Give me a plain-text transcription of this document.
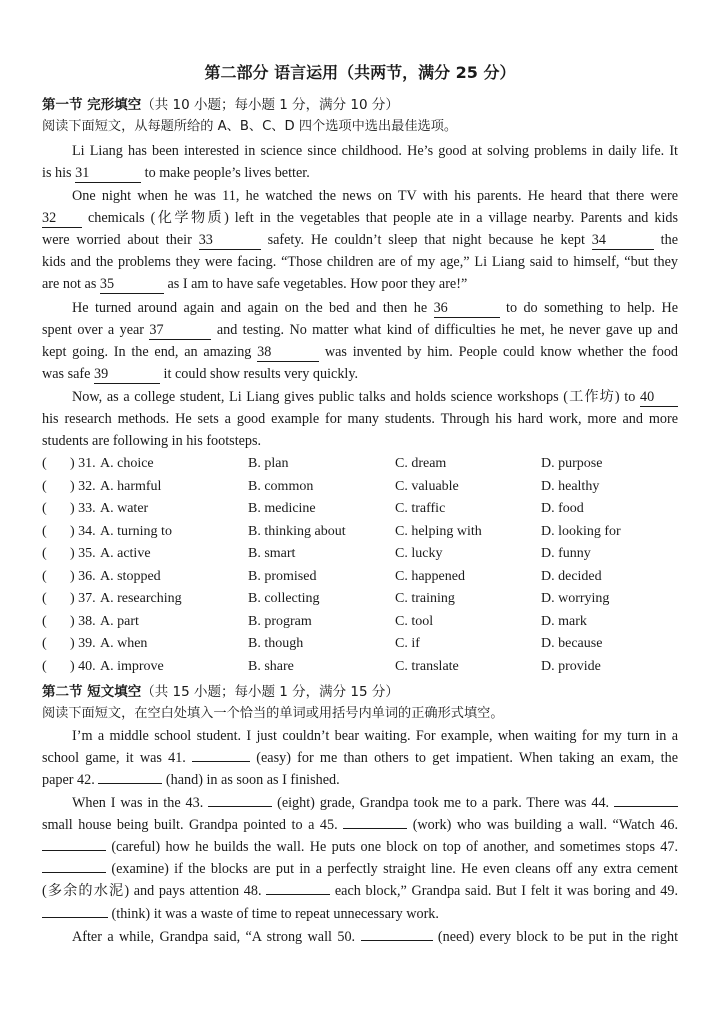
第二部分 语言运用（共两节，满分 25 分）
第一节 完形填空（共 10 小题；每小题 1 分，满分 10 分）
阅读下面短文，从每题所给的 A、B、C、D 四个选项中选出最佳选项。
Li Liang has been interested in science since childhood. He’s good at solving problems in daily life. It
is his 31	to make people’s lives better.
One night when he was 11, he watched the news on TV with his parents. He heard that there were
32 chemicals (化学物质) left in the vegetables that people ate in a village nearby. Parents and kids
were worried about their 33	safety. He couldn’t sleep that night because he kept 34	the
kids and the problems they were facing. “Those children are of my age,” Li Liang said to himself, “but they
are not as 35	as I am to have safe vegetables. How poor they are!”
He turned around again and again on the bed and then he 36	to do something to help. He
spent over a year 37	and testing. No matter what kind of difficulties he met, he never gave up and
kept going. In the end, an amazing 38	was invented by him. People could know whether the food
was safe 39	it could show results very quickly.
Now, as a college student, Li Liang gives public talks and holds science workshops (工作坊) to 40
his research methods. He sets a good example for many students. Through his hard work, more and more
students are following in his footsteps.
( ) 31. A. choice	B. plan	C. dream	D. purpose
( ) 32. A. harmful	B. common	C. valuable	D. healthy
( ) 33. A. water	B. medicine	C. traffic	D. food
( ) 34. A. turning to	B. thinking about	C. helping with	D. looking for
( ) 35. A. active	B. smart	C. lucky	D. funny
( ) 36. A. stopped	B. promised	C. happened	D. decided
( ) 37. A. researching	B. collecting	C. training	D. worrying
( ) 38. A. part	B. program	C. tool	D. mark
( ) 39. A. when	B. though	C. if	D. because
( ) 40. A. improve	B. share	C. translate	D. provide
第二节 短文填空（共 15 小题；每小题 1 分，满分 15 分）
阅读下面短文，在空白处填入一个恰当的单词或用括号内单词的正确形式填空。
I’m a middle school student. I just couldn’t bear waiting. For example, when waiting for my turn in a
school game, it was 41.	(easy) for me than others to get impatient. When taking an exam, the
paper 42.	(hand) in as soon as I finished.
When I was in the 43.	(eight) grade, Grandpa took me to a park. There was 44.
small house being built. Grandpa pointed to a 45.	(work) who was building a wall. “Watch 46.
(careful) how he builds the wall. He puts one block on top of another, and sometimes stops 47.
(examine) if the blocks are put in a perfectly straight line. He even cleans off any extra cement
(多余的水泥) and pays attention 48.	each block,” Grandpa said. But I felt it was boring and 49.
(think) it was a waste of time to repeat unnecessary work.
After a while, Grandpa said, “A strong wall 50.	(need) every block to be put in the right
